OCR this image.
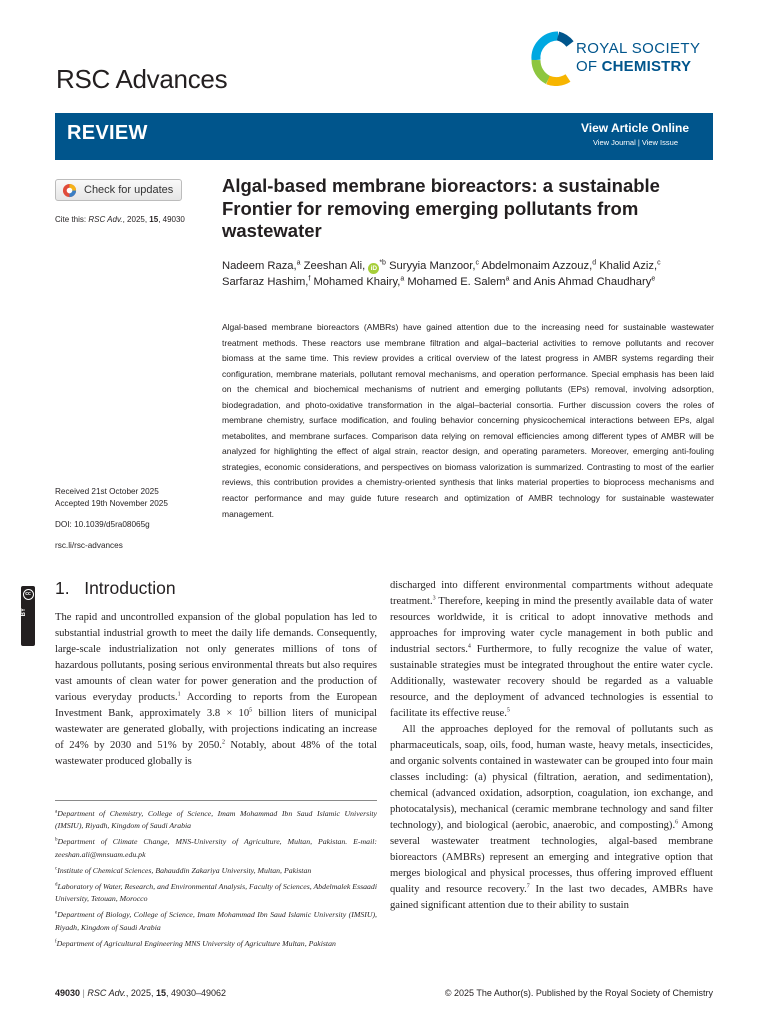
RSC Advances
ROYAL SOCIETY
OF CHEMISTRY
REVIEW	View Article Online
View Journal | View Issue
Check for updates
Cite this: RSC Adv., 2025, 15, 49030
Received 21st October 2025
Accepted 19th November 2025
DOI: 10.1039/d5ra08065g
rsc.li/rsc-advances
Algal-based membrane bioreactors: a sustainable Frontier for removing emerging pollutants from wastewater
Nadeem Raza,$^a$ Zeeshan Ali, $iD^{*b}$ Suryyia Manzoor,$^c$ Abdelmonaim Azzouz,$^d$ Khalid Aziz,$^c$ Sarfaraz Hashim,$^f$ Mohamed Khairy,$^a$ Mohamed E. Salem$^a$ and Anis Ahmad Chaudhary$^e$
Algal-based membrane bioreactors (AMBRs) have gained attention due to the increasing need for sustainable wastewater treatment methods. These reactors use membrane filtration and algal–bacterial activities to remove pollutants and recover biomass at the same time. This review provides a critical overview of the latest progress in AMBR systems regarding their configuration, membrane materials, pollutant removal mechanisms, and operation performance. Special emphasis has been laid on the chemical and biochemical mechanisms of nutrient and emerging pollutants (EPs) removal, involving adsorption, biodegradation, and photo-oxidative transformation in the algal–bacterial consortia. Further discussion covers the roles of membrane chemistry, surface modification, and fouling behavior concerning physicochemical interactions between EPs, algal metabolites, and membrane surfaces. Comparison data relying on removal efficiencies among different types of AMBR will be analyzed for highlighting the effect of algal strain, reactor design, and operating parameters. Moreover, emerging anti-fouling strategies, economic considerations, and perspectives on biomass valorization is summarized. Contrasting to most of the earlier reviews, this contribution provides a chemistry-oriented synthesis that links material properties to bioprocess mechanisms and reactor performance and may guide future research and optimization of AMBR technology for sustainable wastewater management.
cc
BY
1. Introduction

The rapid and uncontrolled expansion of the global population has led to substantial industrial growth to meet the daily life demands. Consequently, large-scale industrialization not only generates millions of tons of hazardous pollutants, posing serious environmental threats but also requires vast amounts of clean water for power generation and the production of various everyday products.$^1$ According to reports from the European Investment Bank, approximately $3.8 \times 10^5$ billion liters of municipal wastewater are generated globally, with projections indicating an increase of 24% by 2030 and 51% by 2050.$^2$ Notably, about 48% of the total wastewater produced globally is

discharged into different environmental compartments without adequate treatment.$^3$ Therefore, keeping in mind the presently available data of water resources worldwide, it is critical to adopt innovative methods and approaches for improving water cycle management in both public and industrial sectors.$^4$ Furthermore, to fully recognize the value of water, sustainable strategies must be integrated throughout the entire water cycle. Additionally, wastewater recovery should be regarded as a valuable resource, and the deployment of advanced technologies is essential to facilitate its effective reuse.$^5$

All the approaches deployed for the removal of pollutants such as pharmaceuticals, soap, oils, food, human waste, heavy metals, insecticides, and organic solvents contained in wastewater can be grouped into four main classes including: (a) physical (filtration, aeration, and sedimentation), chemical (advanced oxidation, adsorption, coagulation, ion exchange, and photocatalysis), mechanical (ceramic membrane technology and sand filter technology), and biological (aerobic, anaerobic, and composting).$^6$ Among several wastewater treatment technologies, algal-based membrane bioreactors (AMBRs) represent an emerging and integrative option that merges biological and physical processes, thus offering improved effluent quality and resource recovery.$^7$ In the last two decades, AMBRs have gained significant attention due to their ability to sustain

$^a$Department of Chemistry, College of Science, Imam Mohammad Ibn Saud Islamic University (IMSIU), Riyadh, Kingdom of Saudi Arabia
$^b$Department of Climate Change, MNS-University of Agriculture, Multan, Pakistan. E-mail: zeeshan.ali@mnsuam.edu.pk
$^c$Institute of Chemical Sciences, Bahauddin Zakariya University, Multan, Pakistan
$^d$Laboratory of Water, Research, and Environmental Analysis, Faculty of Sciences, Abdelmalek Essaadi University, Tetouan, Morocco
$^e$Department of Biology, College of Science, Imam Mohammad Ibn Saud Islamic University (IMSIU), Riyadh, Kingdom of Saudi Arabia
$^f$Department of Agricultural Engineering MNS University of Agriculture Multan, Pakistan
49030 | RSC Adv., 2025, 15, 49030–49062	© 2025 The Author(s). Published by the Royal Society of Chemistry
